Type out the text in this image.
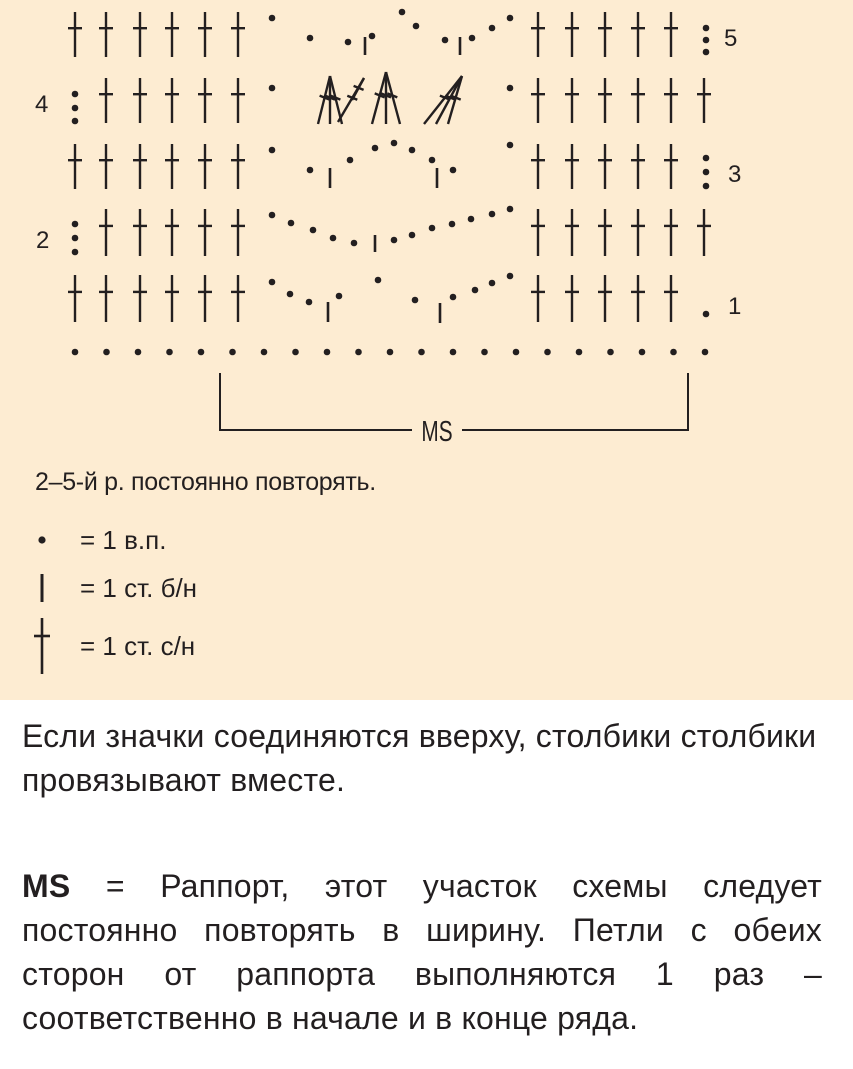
MS
1
2
3
4
5
2–5-й р. постоянно повторять.
= 1 в.п.
= 1 ст. б/н
= 1 ст. с/н
Если значки соединяются вверху, столбики столбики провязывают вместе.
MS = Раппорт, этот участок схемы следует постоянно повторять в ширину. Петли с обеих сторон от раппорта выполняются 1 раз – соответственно в начале и в конце ряда.
